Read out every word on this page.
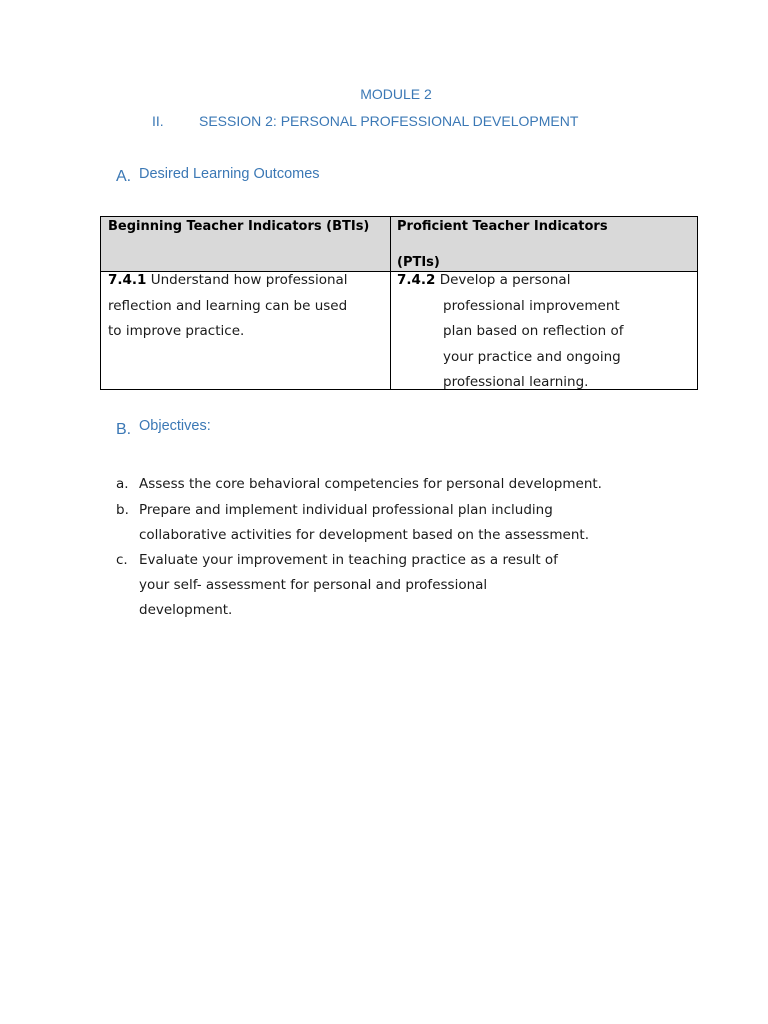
MODULE 2
II.	SESSION 2: PERSONAL PROFESSIONAL DEVELOPMENT
A. Desired Learning Outcomes
Beginning Teacher Indicators (BTIs) Proficient Teacher Indicators

(PTIs)
7.4.1 Understand how professional
reflection and learning can be used
to improve practice.
7.4.2 Develop a personal
professional improvement
plan based on reflection of
your practice and ongoing
professional learning.
B. Objectives:
a. Assess the core behavioral competencies for personal development.
b. Prepare and implement individual professional plan including
collaborative activities for development based on the assessment.
c. Evaluate your improvement in teaching practice as a result of
your self- assessment for personal and professional
development.
